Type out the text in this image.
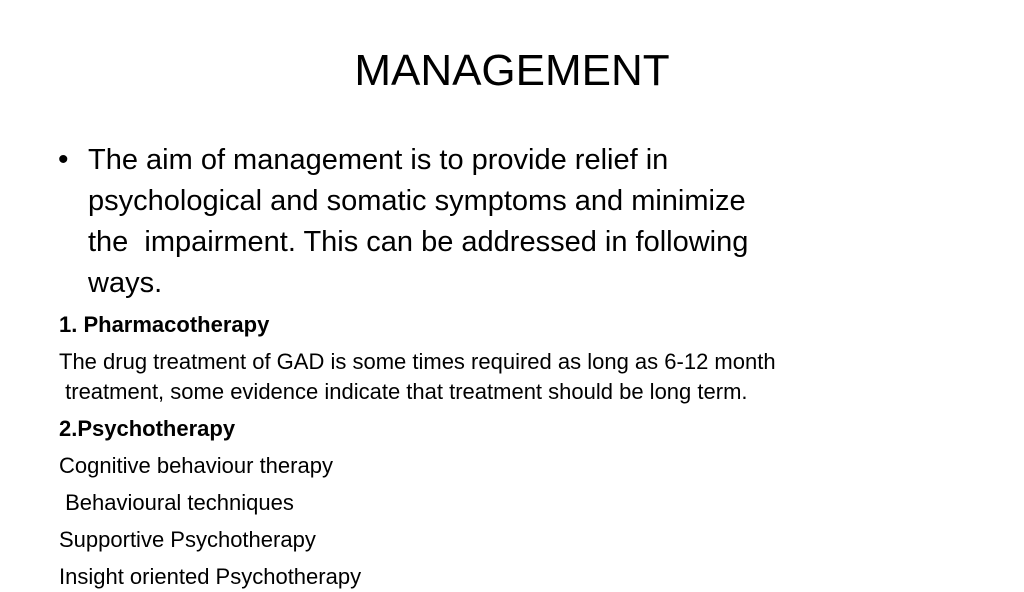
MANAGEMENT
• The aim of management is to provide relief in
psychological and somatic symptoms and minimize
the  impairment. This can be addressed in following
ways.

1. Pharmacotherapy

The drug treatment of GAD is some times required as long as 6-12 month

treatment, some evidence indicate that treatment should be long term.

2.Psychotherapy

Cognitive behaviour therapy

Behavioural techniques

Supportive Psychotherapy

Insight oriented Psychotherapy
